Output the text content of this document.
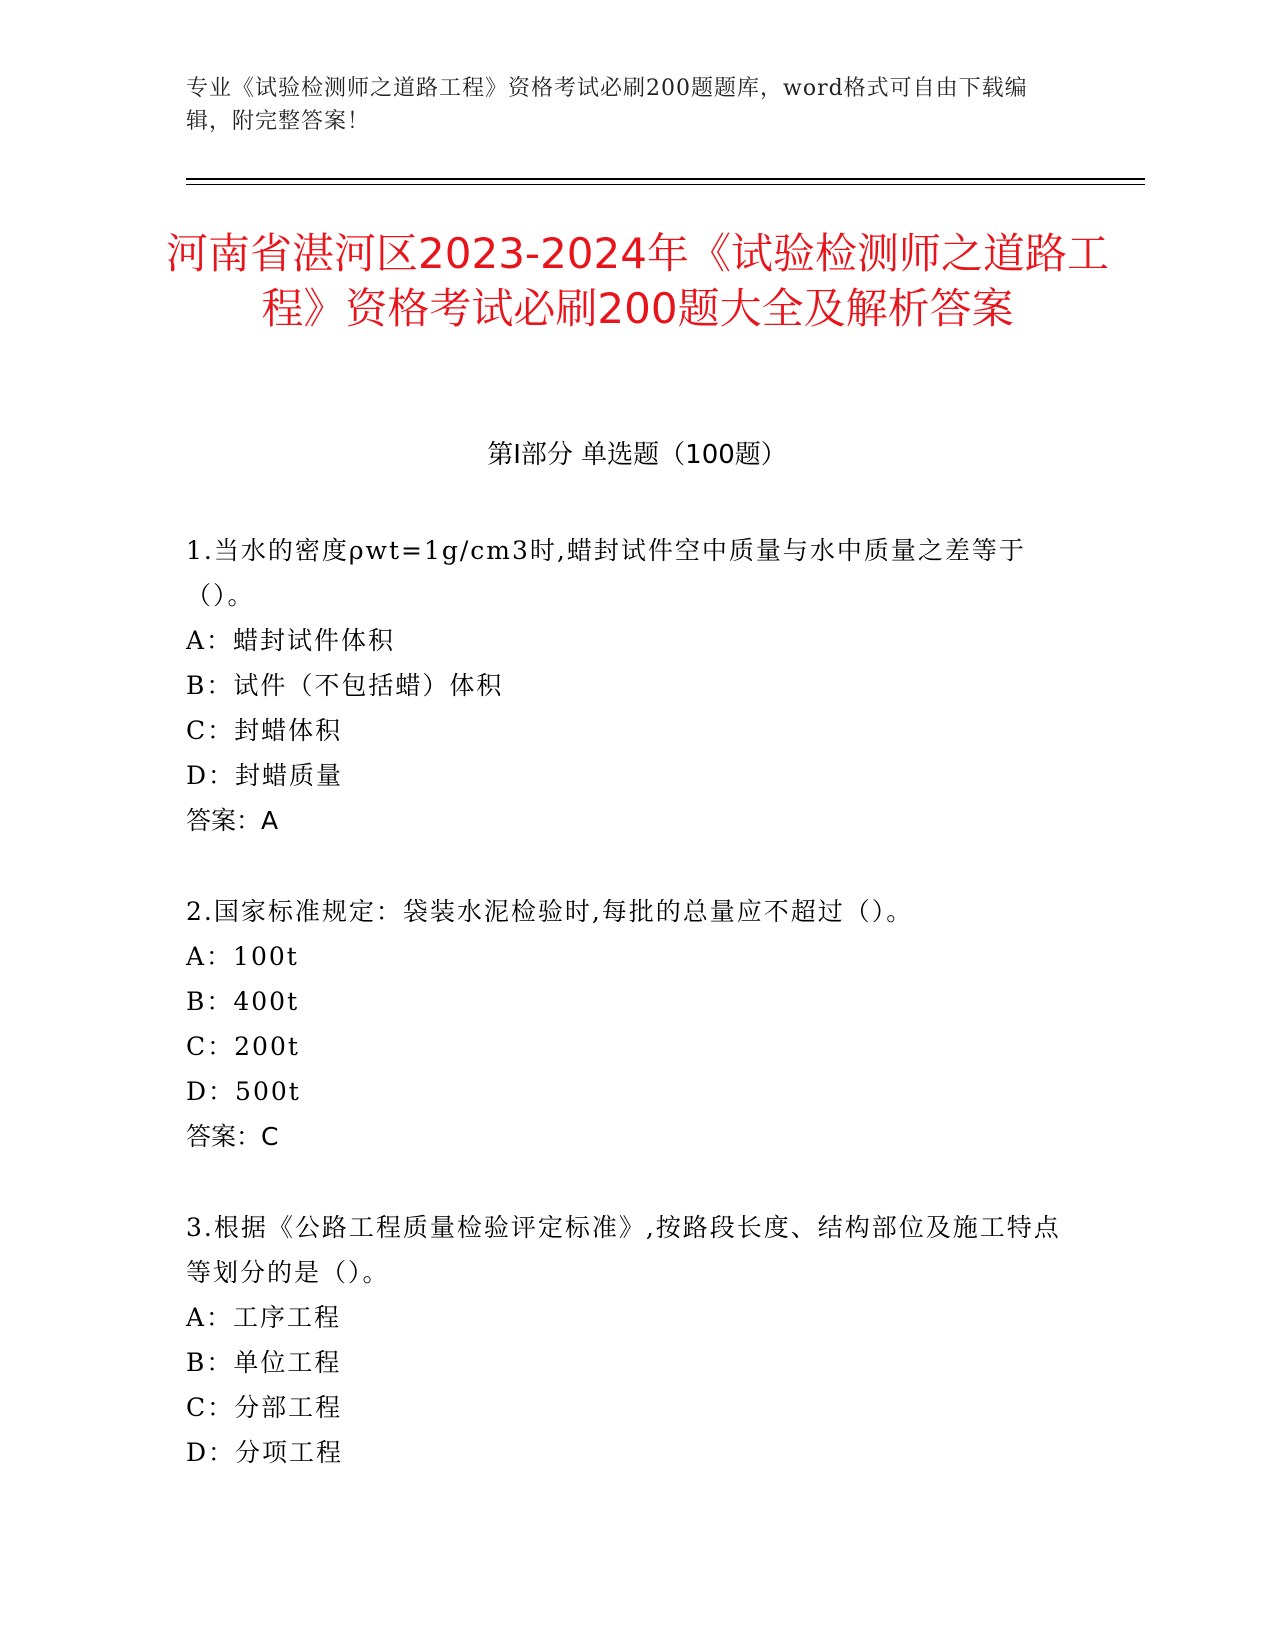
专业《试验检测师之道路工程》资格考试必刷200题题库，word格式可自由下载编辑，附完整答案！
河南省湛河区2023-2024年《试验检测师之道路工程》资格考试必刷200题大全及解析答案
第Ⅰ部分 单选题（100题）
1.当水的密度ρwt=1g/cm3时,蜡封试件空中质量与水中质量之差等于（）。
A：蜡封试件体积
B：试件（不包括蜡）体积
C：封蜡体积
D：封蜡质量
答案：A
2.国家标准规定：袋装水泥检验时,每批的总量应不超过（）。
A：100t
B：400t
C：200t
D：500t
答案：C
3.根据《公路工程质量检验评定标准》,按路段长度、结构部位及施工特点等划分的是（）。
A：工序工程
B：单位工程
C：分部工程
D：分项工程
